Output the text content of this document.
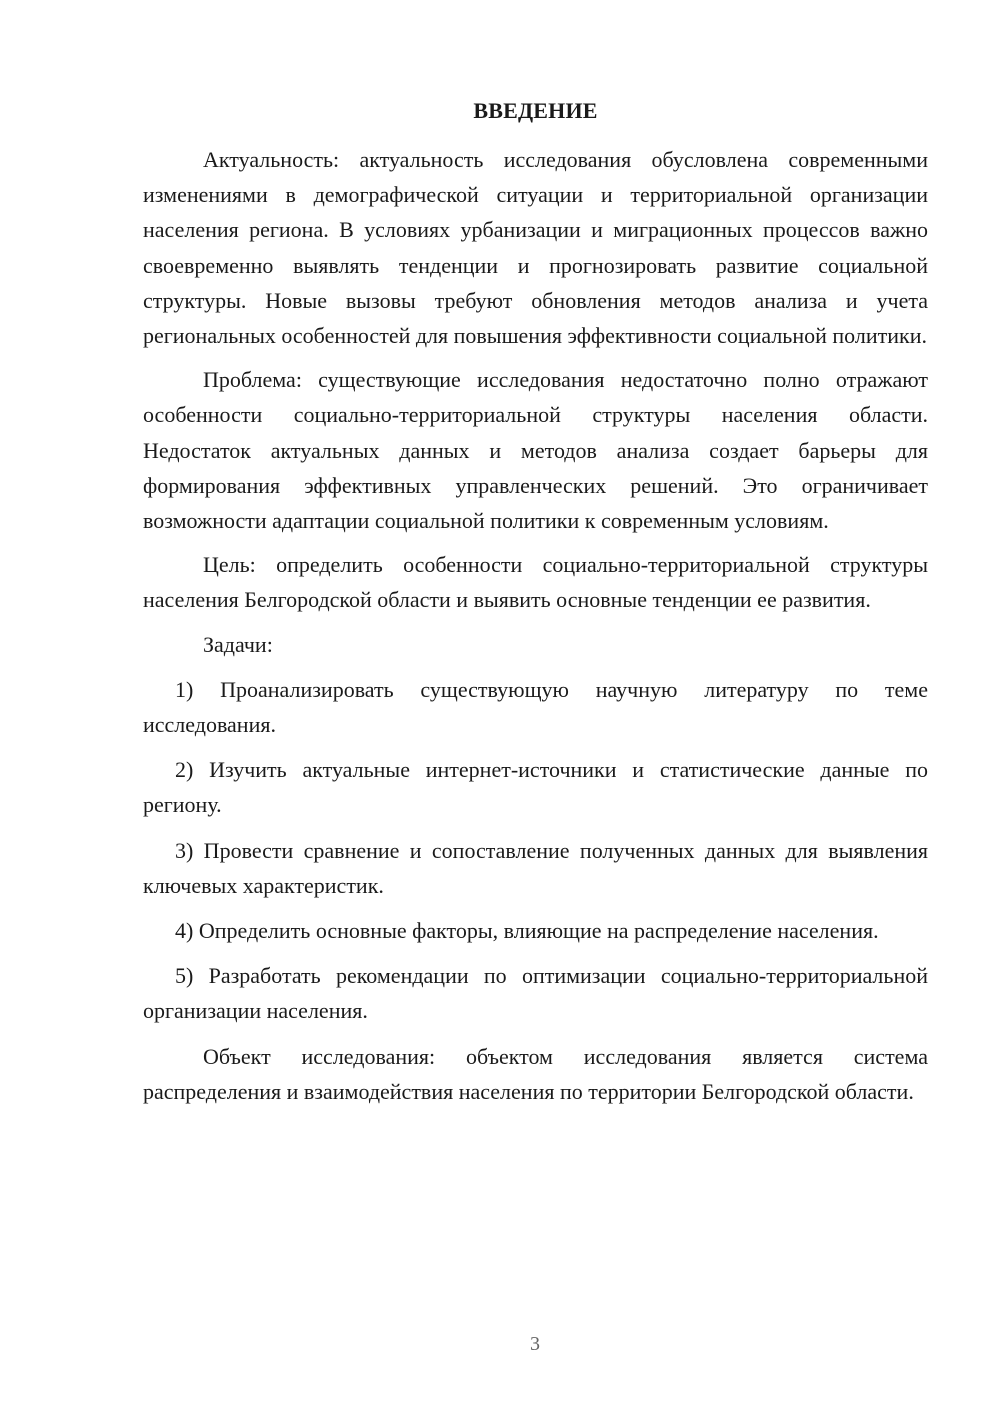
ВВЕДЕНИЕ

Актуальность: актуальность исследования обусловлена современными изменениями в демографической ситуации и территориальной организации населения региона. В условиях урбанизации и миграционных процессов важно своевременно выявлять тенденции и прогнозировать развитие социальной структуры. Новые вызовы требуют обновления методов анализа и учета региональных особенностей для повышения эффективности социальной политики.

Проблема: существующие исследования недостаточно полно отражают особенности социально-территориальной структуры населения области. Недостаток актуальных данных и методов анализа создает барьеры для формирования эффективных управленческих решений. Это ограничивает возможности адаптации социальной политики к современным условиям.

Цель: определить особенности социально-территориальной структуры населения Белгородской области и выявить основные тенденции ее развития.

Задачи:

1) Проанализировать существующую научную литературу по теме исследования.

2) Изучить актуальные интернет-источники и статистические данные по региону.

3) Провести сравнение и сопоставление полученных данных для выявления ключевых характеристик.

4) Определить основные факторы, влияющие на распределение населения.

5) Разработать рекомендации по оптимизации социально-территориальной организации населения.

Объект исследования: объектом исследования является система распределения и взаимодействия населения по территории Белгородской области.

3
